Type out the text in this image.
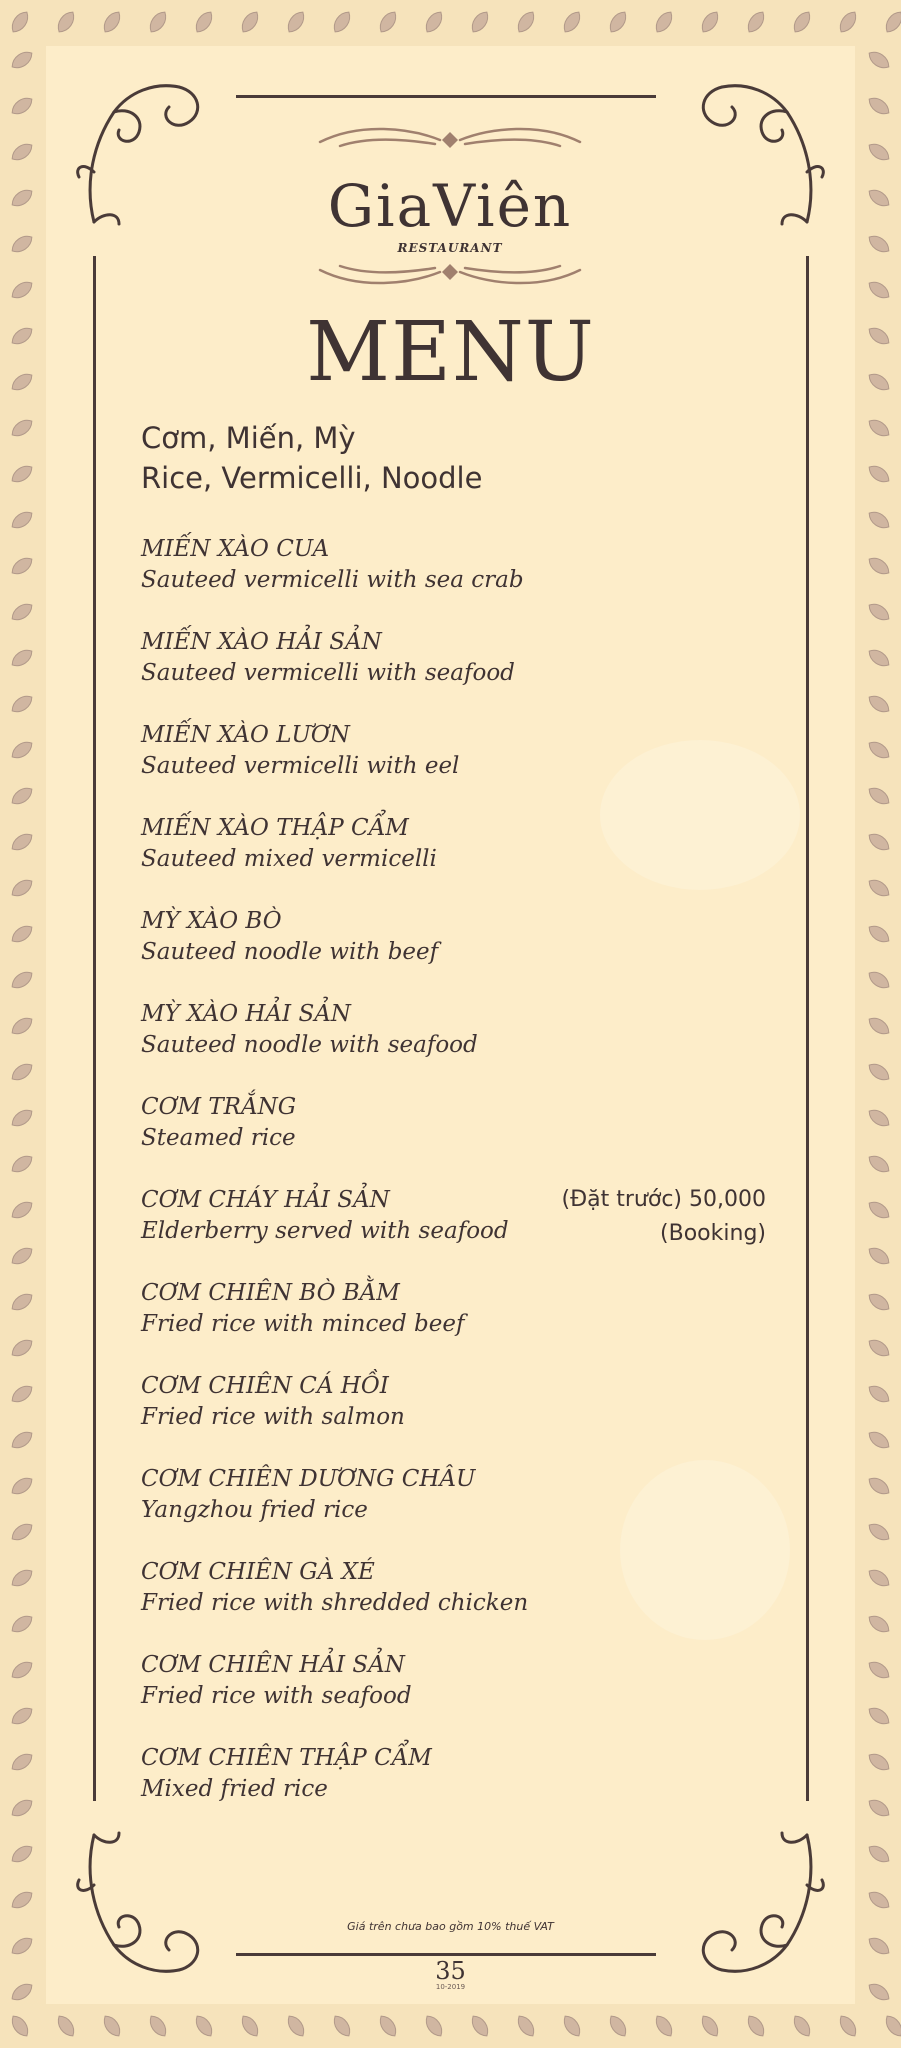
GiaViên
RESTAURANT
MENU
Cơm, Miến, Mỳ
Rice, Vermicelli, Noodle
MIẾN XÀO CUA
Sauteed vermicelli with sea crab
MIẾN XÀO HẢI SẢN
Sauteed vermicelli with seafood
MIẾN XÀO LƯƠN
Sauteed vermicelli with eel
MIẾN XÀO THẬP CẨM
Sauteed mixed vermicelli
MỲ XÀO BÒ
Sauteed noodle with beef
MỲ XÀO HẢI SẢN
Sauteed noodle with seafood
CƠM TRẮNG
Steamed rice
CƠM CHÁY HẢI SẢN
Elderberry served with seafood
(Đặt trước) 50,000
(Booking)
CƠM CHIÊN BÒ BẰM
Fried rice with minced beef
CƠM CHIÊN CÁ HỒI
Fried rice with salmon
CƠM CHIÊN DƯƠNG CHÂU
Yangzhou fried rice
CƠM CHIÊN GÀ XÉ
Fried rice with shredded chicken
CƠM CHIÊN HẢI SẢN
Fried rice with seafood
CƠM CHIÊN THẬP CẨM
Mixed fried rice
Giá trên chưa bao gồm 10% thuế VAT
35
10-2019
